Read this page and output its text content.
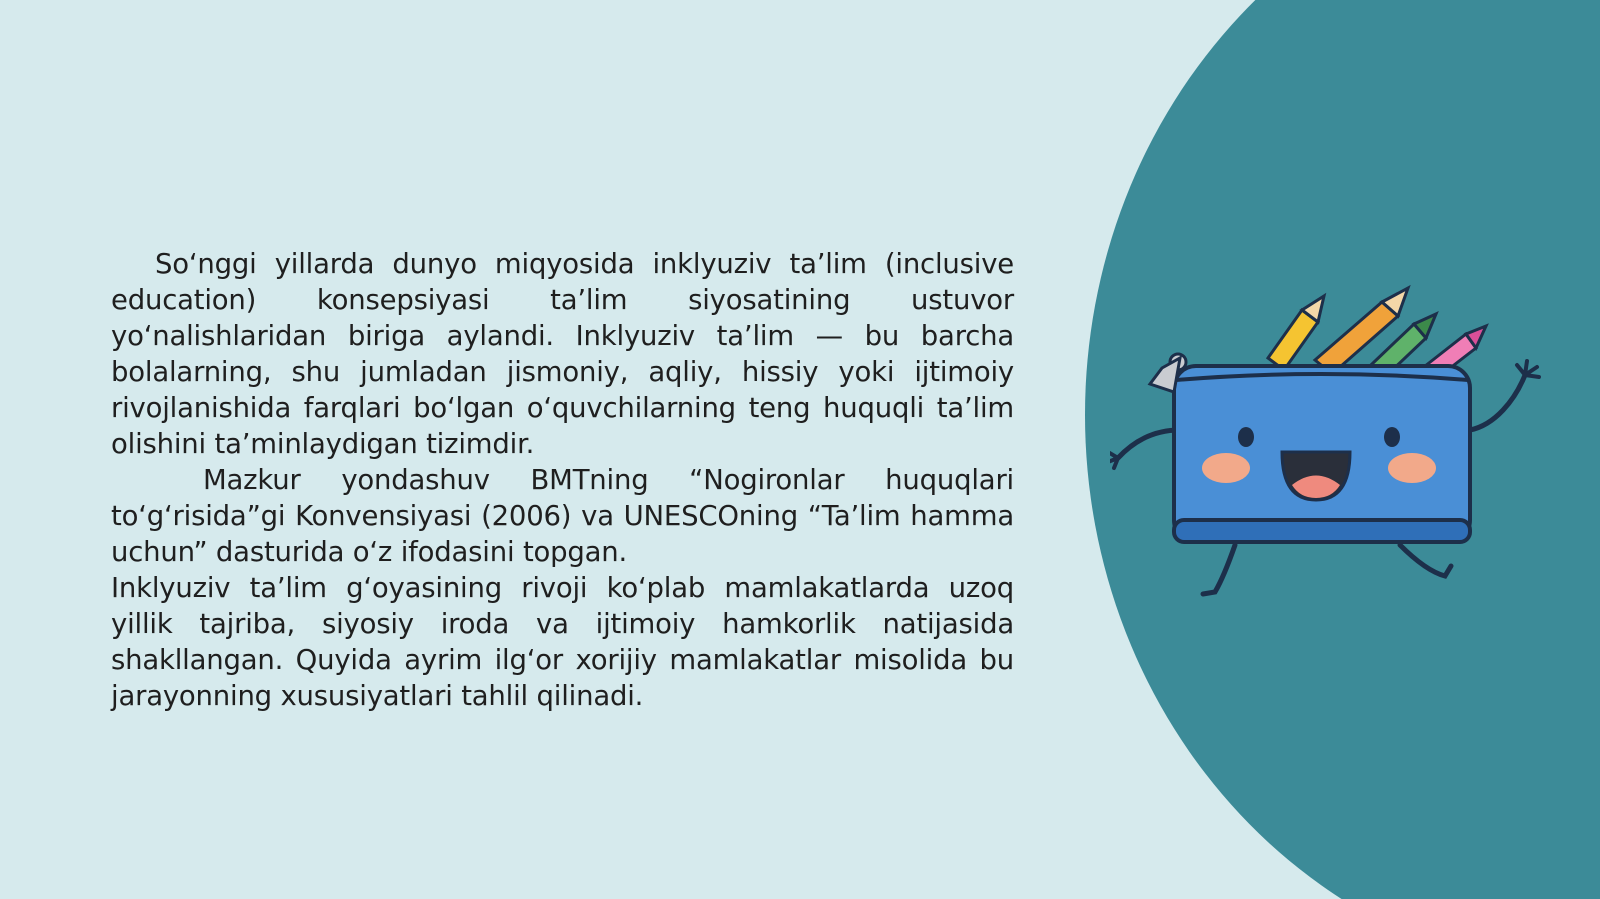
So‘nggi yillarda dunyo miqyosida inklyuziv ta’lim (inclusive education) konsepsiyasi ta’lim siyosatining ustuvor yo‘nalishlaridan biriga aylandi. Inklyuziv ta’lim — bu barcha bolalarning, shu jumladan jismoniy, aqliy, hissiy yoki ijtimoiy rivojlanishida farqlari bo‘lgan o‘quvchilarning teng huquqli ta’lim olishini ta’minlaydigan tizimdir.

Mazkur yondashuv BMTning “Nogironlar huquqlari to‘g‘risida”gi Konvensiyasi (2006) va UNESCOning “Ta’lim hamma uchun” dasturida o‘z ifodasini topgan.

Inklyuziv ta’lim g‘oyasining rivoji ko‘plab mamlakatlarda uzoq yillik tajriba, siyosiy iroda va ijtimoiy hamkorlik natijasida shakllangan. Quyida ayrim ilg‘or xorijiy mamlakatlar misolida bu jarayonning xususiyatlari tahlil qilinadi.
